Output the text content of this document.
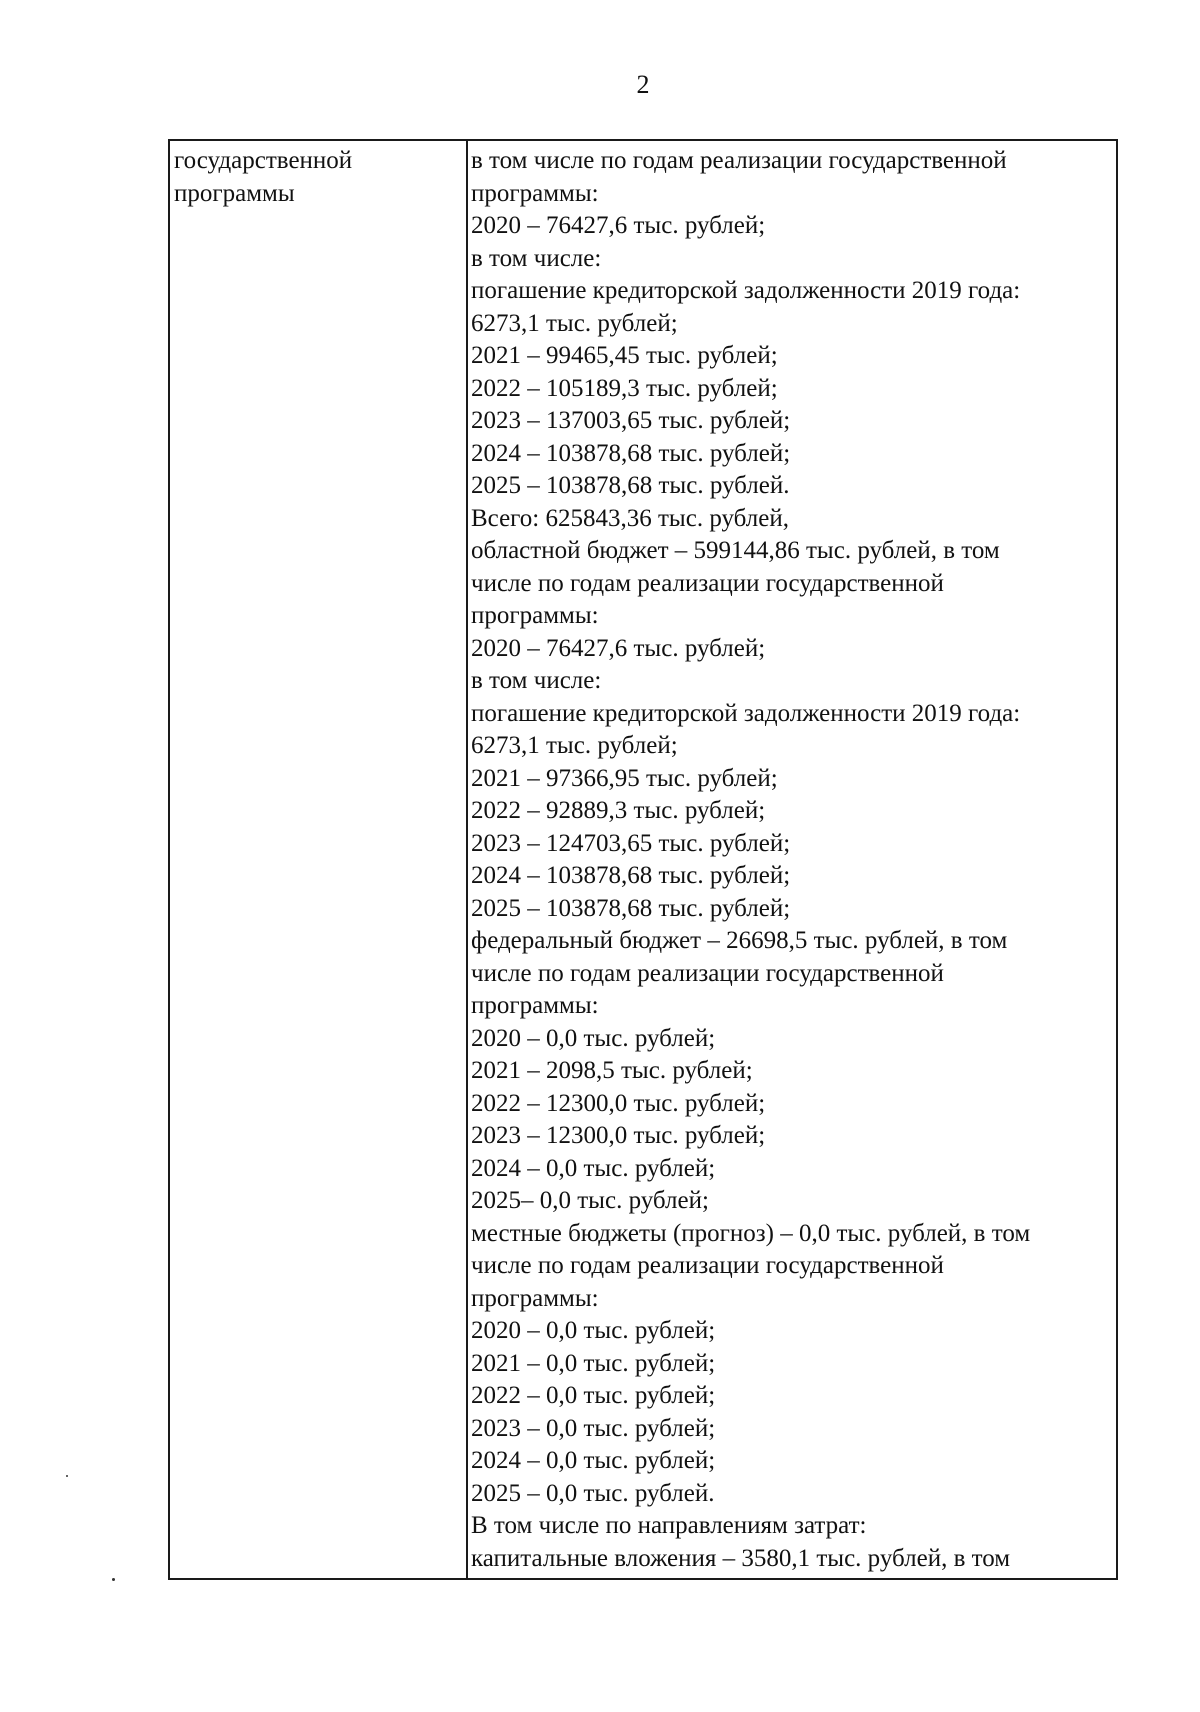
2
государственной
программы
в том числе по годам реализации государственной
программы:
2020 – 76427,6 тыс. рублей;
в том числе:
погашение кредиторской задолженности 2019 года:
6273,1 тыс. рублей;
2021 – 99465,45 тыс. рублей;
2022 – 105189,3 тыс. рублей;
2023 – 137003,65 тыс. рублей;
2024 – 103878,68 тыс. рублей;
2025 – 103878,68 тыс. рублей.
Всего: 625843,36 тыс. рублей,
областной бюджет – 599144,86 тыс. рублей, в том
числе по годам реализации государственной
программы:
2020 – 76427,6 тыс. рублей;
в том числе:
погашение кредиторской задолженности 2019 года:
6273,1 тыс. рублей;
2021 – 97366,95 тыс. рублей;
2022 – 92889,3 тыс. рублей;
2023 – 124703,65 тыс. рублей;
2024 – 103878,68 тыс. рублей;
2025 – 103878,68 тыс. рублей;
федеральный бюджет – 26698,5 тыс. рублей, в том
числе по годам реализации государственной
программы:
2020 – 0,0 тыс. рублей;
2021 – 2098,5 тыс. рублей;
2022 – 12300,0 тыс. рублей;
2023 – 12300,0 тыс. рублей;
2024 – 0,0 тыс. рублей;
2025– 0,0 тыс. рублей;
местные бюджеты (прогноз) – 0,0 тыс. рублей, в том
числе по годам реализации государственной
программы:
2020 – 0,0 тыс. рублей;
2021 – 0,0 тыс. рублей;
2022 – 0,0 тыс. рублей;
2023 – 0,0 тыс. рублей;
2024 – 0,0 тыс. рублей;
2025 – 0,0 тыс. рублей.
В том числе по направлениям затрат:
капитальные вложения – 3580,1 тыс. рублей, в том
